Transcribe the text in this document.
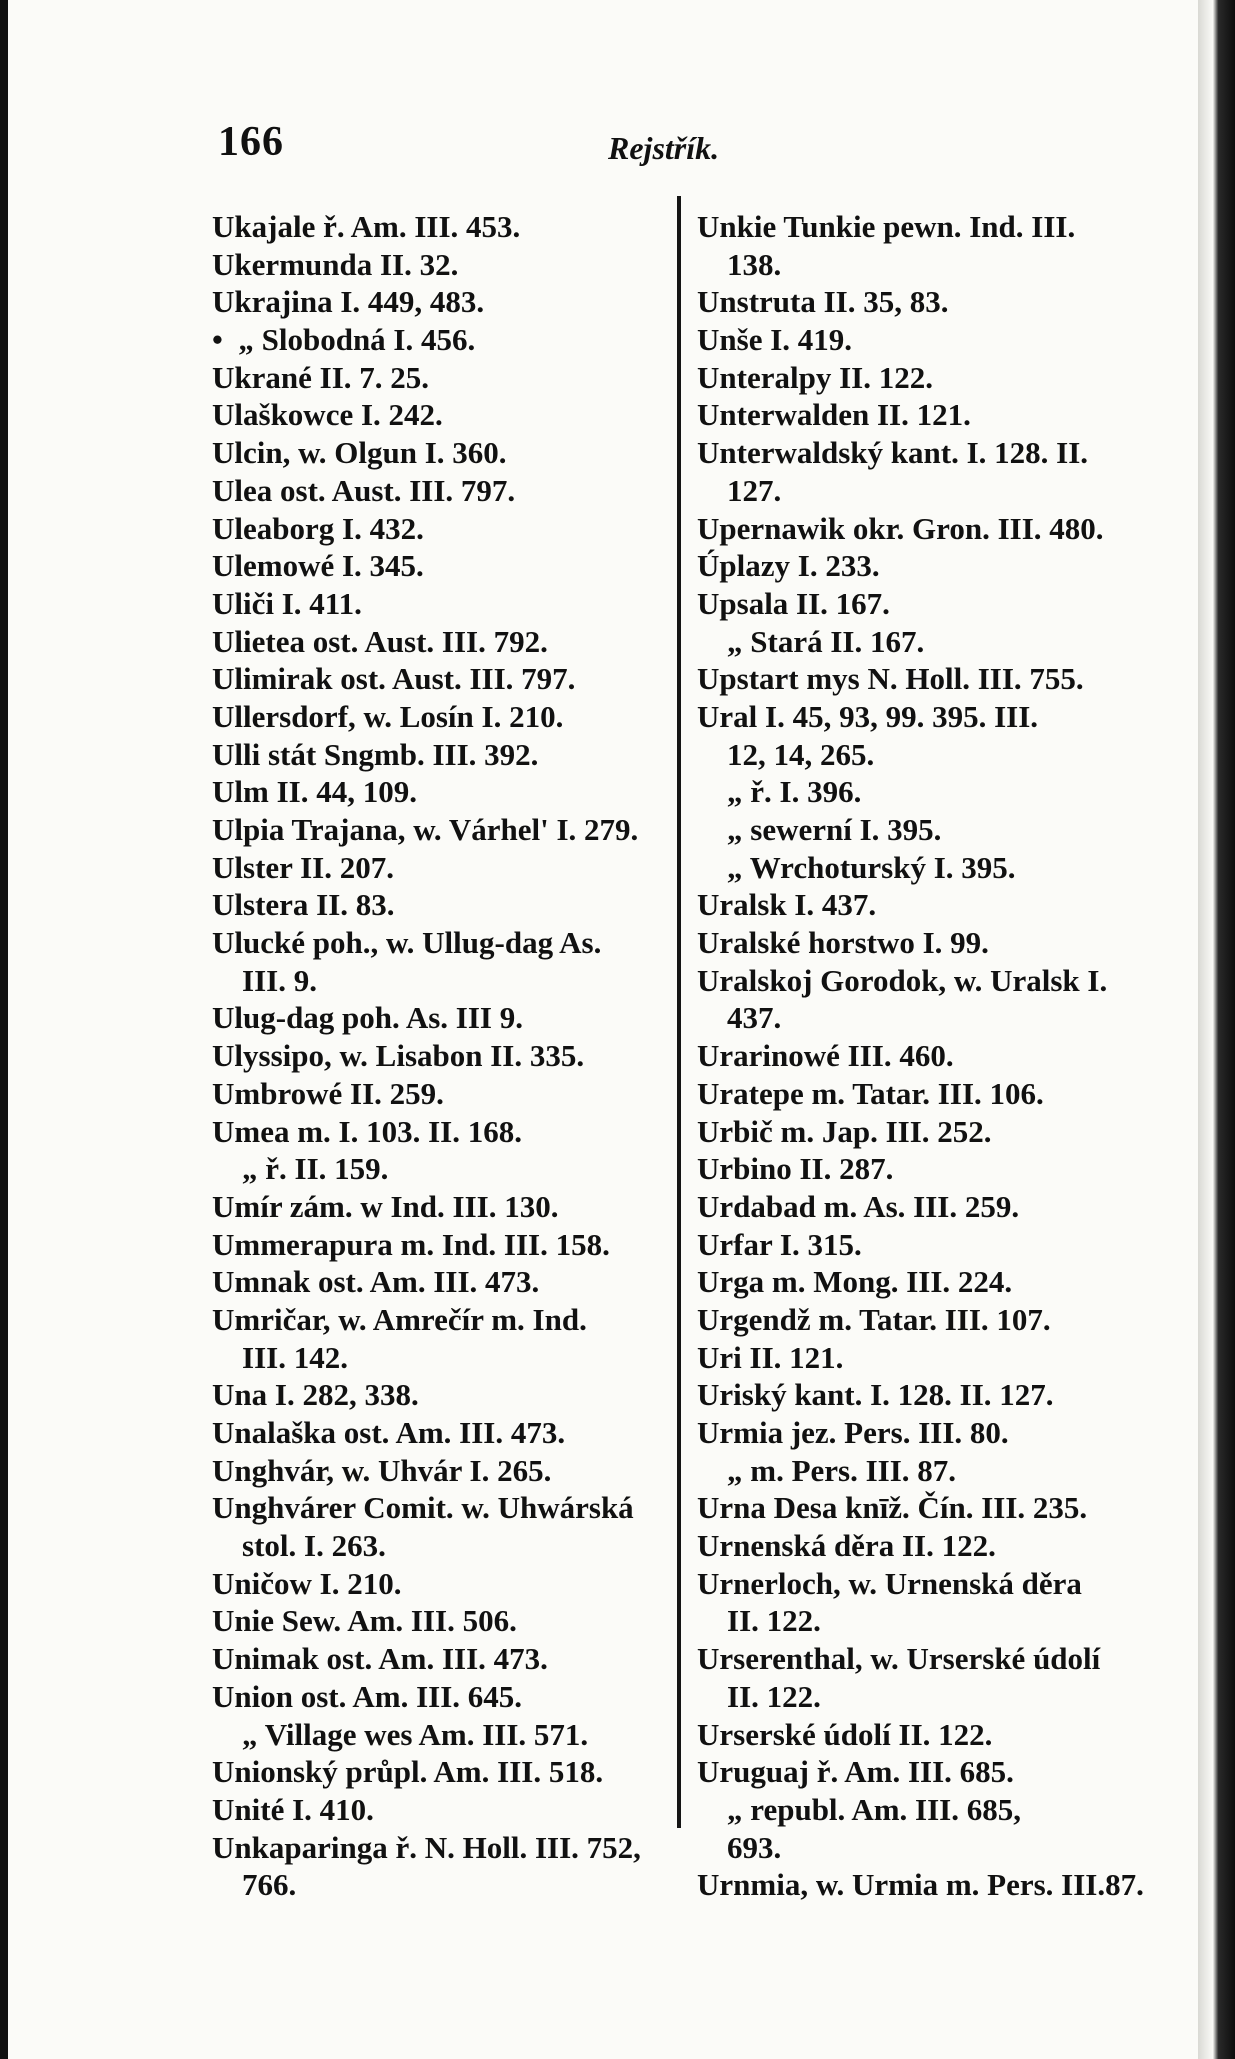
166	Rejstřík.
Ukajale ř. Am. III. 453.
Ukermunda II. 32.
Ukrajina I. 449, 483.
•  „ Slobodná I. 456.
Ukrané II. 7. 25.
Ulaškowce I. 242.
Ulcin, w. Olgun I. 360.
Ulea ost. Aust. III. 797.
Uleaborg I. 432.
Ulemowé I. 345.
Uliči I. 411.
Ulietea ost. Aust. III. 792.
Ulimirak ost. Aust. III. 797.
Ullersdorf, w. Losín I. 210.
Ulli stát Sngmb. III. 392.
Ulm II. 44, 109.
Ulpia Trajana, w. Várhel' I. 279.
Ulster II. 207.
Ulstera II. 83.
Ulucké poh., w. Ullug-dag As.
III. 9.
Ulug-dag poh. As. III 9.
Ulyssipo, w. Lisabon II. 335.
Umbrowé II. 259.
Umea m. I. 103. II. 168.
„ ř. II. 159.
Umír zám. w Ind. III. 130.
Ummerapura m. Ind. III. 158.
Umnak ost. Am. III. 473.
Umričar, w. Amrečír m. Ind.
III. 142.
Una I. 282, 338.
Unalaška ost. Am. III. 473.
Unghvár, w. Uhvár I. 265.
Unghvárer Comit. w. Uhwárská
stol. I. 263.
Uničow I. 210.
Unie Sew. Am. III. 506.
Unimak ost. Am. III. 473.
Union ost. Am. III. 645.
„ Village wes Am. III. 571.
Unionský průpl. Am. III. 518.
Unité I. 410.
Unkaparinga ř. N. Holl. III. 752,
766.
Unkie Tunkie pewn. Ind. III.
138.
Unstruta II. 35, 83.
Unše I. 419.
Unteralpy II. 122.
Unterwalden II. 121.
Unterwaldský kant. I. 128. II.
127.
Upernawik okr. Gron. III. 480.
Úplazy I. 233.
Upsala II. 167.
„ Stará II. 167.
Upstart mys N. Holl. III. 755.
Ural I. 45, 93, 99. 395. III.
12, 14, 265.
„ ř. I. 396.
„ sewerní I. 395.
„ Wrchoturský I. 395.
Uralsk I. 437.
Uralské horstwo I. 99.
Uralskoj Gorodok, w. Uralsk I.
437.
Urarinowé III. 460.
Uratepe m. Tatar. III. 106.
Urbič m. Jap. III. 252.
Urbino II. 287.
Urdabad m. As. III. 259.
Urfar I. 315.
Urga m. Mong. III. 224.
Urgendž m. Tatar. III. 107.
Uri II. 121.
Uriský kant. I. 128. II. 127.
Urmia jez. Pers. III. 80.
„ m. Pers. III. 87.
Urna Desa knīž. Čín. III. 235.
Urnenská děra II. 122.
Urnerloch, w. Urnenská děra
II. 122.
Urserenthal, w. Urserské údolí
II. 122.
Urserské údolí II. 122.
Uruguaj ř. Am. III. 685.
„ republ. Am. III. 685,
693.
Urnmia, w. Urmia m. Pers. III.87.
